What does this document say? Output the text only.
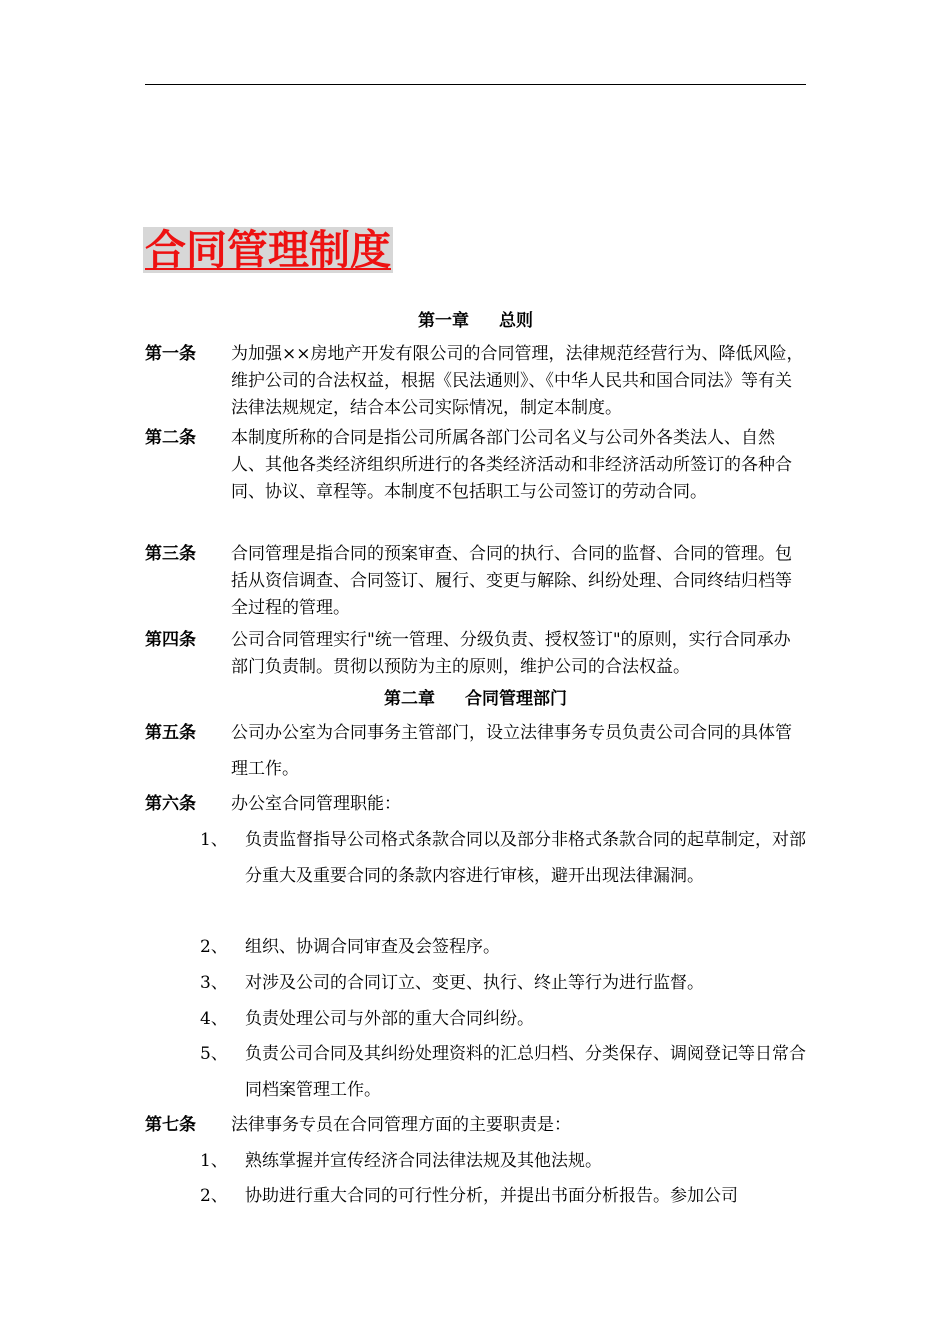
合同管理制度
第一章 总则
第一条 为加强××房地产开发有限公司的合同管理，法律规范经营行为、降低风险，维护公司的合法权益，根据《民法通则》、《中华人民共和国合同法》等有关法律法规规定，结合本公司实际情况，制定本制度。
第二条 本制度所称的合同是指公司所属各部门公司名义与公司外各类法人、自然人、其他各类经济组织所进行的各类经济活动和非经济活动所签订的各种合同、协议、章程等。本制度不包括职工与公司签订的劳动合同。
第三条 合同管理是指合同的预案审查、合同的执行、合同的监督、合同的管理。包括从资信调查、合同签订、履行、变更与解除、纠纷处理、合同终结归档等全过程的管理。
第四条 公司合同管理实行"统一管理、分级负责、授权签订"的原则，实行合同承办部门负责制。贯彻以预防为主的原则，维护公司的合法权益。
第二章 合同管理部门
第五条 公司办公室为合同事务主管部门，设立法律事务专员负责公司合同的具体管理工作。
第六条 办公室合同管理职能：
1、 负责监督指导公司格式条款合同以及部分非格式条款合同的起草制定，对部分重大及重要合同的条款内容进行审核，避开出现法律漏洞。
2、 组织、协调合同审查及会签程序。
3、 对涉及公司的合同订立、变更、执行、终止等行为进行监督。
4、 负责处理公司与外部的重大合同纠纷。
5、 负责公司合同及其纠纷处理资料的汇总归档、分类保存、调阅登记等日常合同档案管理工作。
第七条 法律事务专员在合同管理方面的主要职责是：
1、 熟练掌握并宣传经济合同法律法规及其他法规。
2、 协助进行重大合同的可行性分析，并提出书面分析报告。参加公司
